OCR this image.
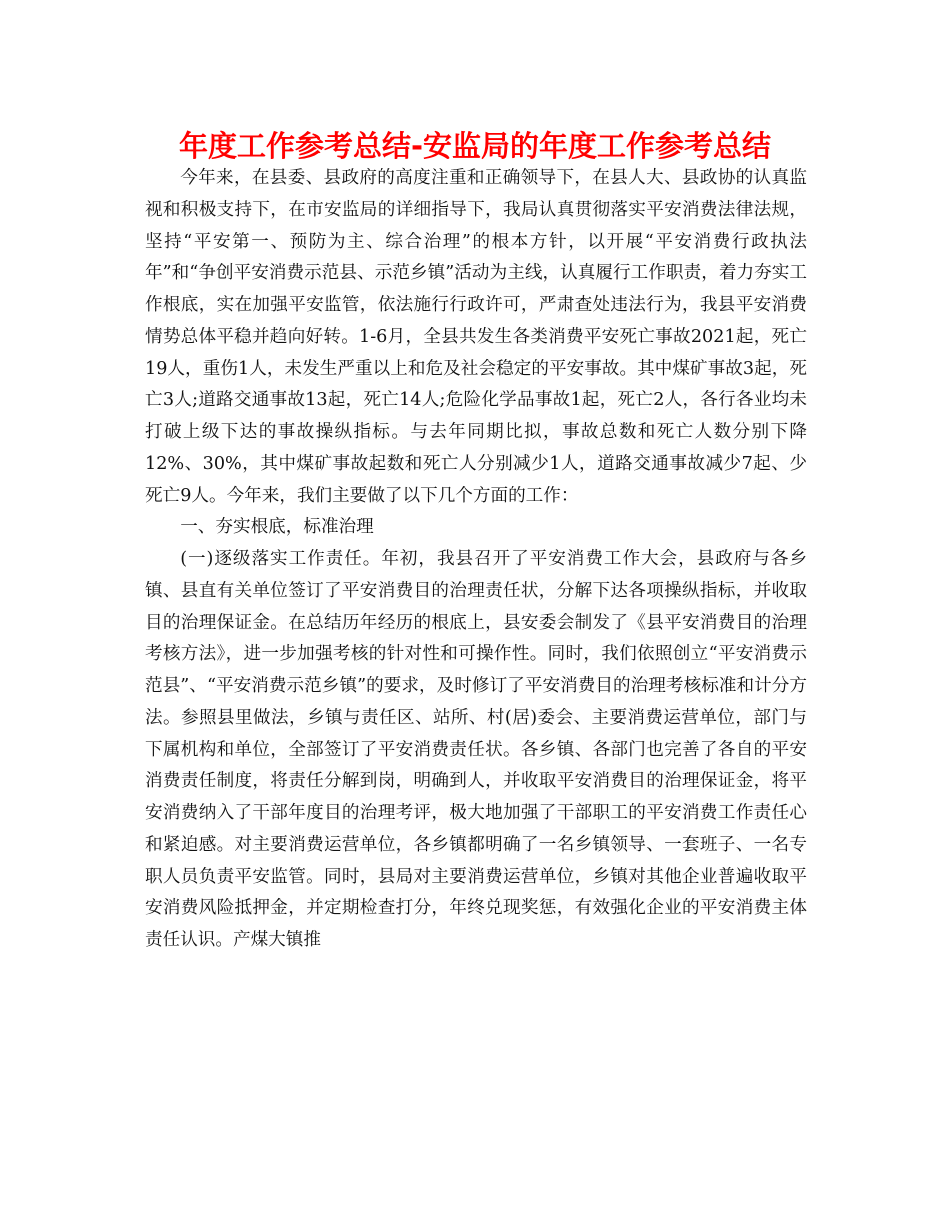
年度工作参考总结-安监局的年度工作参考总结

今年来，在县委、县政府的高度注重和正确领导下，在县人大、县政协的认真监视和积极支持下，在市安监局的详细指导下，我局认真贯彻落实平安消费法律法规，坚持“平安第一、预防为主、综合治理”的根本方针，以开展“平安消费行政执法年”和“争创平安消费示范县、示范乡镇”活动为主线，认真履行工作职责，着力夯实工作根底，实在加强平安监管，依法施行行政许可，严肃查处违法行为，我县平安消费情势总体平稳并趋向好转。1-6月，全县共发生各类消费平安死亡事故2021起，死亡19人，重伤1人，未发生严重以上和危及社会稳定的平安事故。其中煤矿事故3起，死亡3人;道路交通事故13起，死亡14人;危险化学品事故1起，死亡2人，各行各业均未打破上级下达的事故操纵指标。与去年同期比拟，事故总数和死亡人数分别下降12%、30%，其中煤矿事故起数和死亡人分别减少1人，道路交通事故减少7起、少死亡9人。今年来，我们主要做了以下几个方面的工作：

一、夯实根底，标准治理

(一)逐级落实工作责任。年初，我县召开了平安消费工作大会，县政府与各乡镇、县直有关单位签订了平安消费目的治理责任状，分解下达各项操纵指标，并收取目的治理保证金。在总结历年经历的根底上，县安委会制发了《县平安消费目的治理考核方法》，进一步加强考核的针对性和可操作性。同时，我们依照创立“平安消费示范县”、“平安消费示范乡镇”的要求，及时修订了平安消费目的治理考核标准和计分方法。参照县里做法，乡镇与责任区、站所、村(居)委会、主要消费运营单位，部门与下属机构和单位，全部签订了平安消费责任状。各乡镇、各部门也完善了各自的平安消费责任制度，将责任分解到岗，明确到人，并收取平安消费目的治理保证金，将平安消费纳入了干部年度目的治理考评，极大地加强了干部职工的平安消费工作责任心和紧迫感。对主要消费运营单位，各乡镇都明确了一名乡镇领导、一套班子、一名专职人员负责平安监管。同时，县局对主要消费运营单位，乡镇对其他企业普遍收取平安消费风险抵押金，并定期检查打分，年终兑现奖惩，有效强化企业的平安消费主体责任认识。产煤大镇推
